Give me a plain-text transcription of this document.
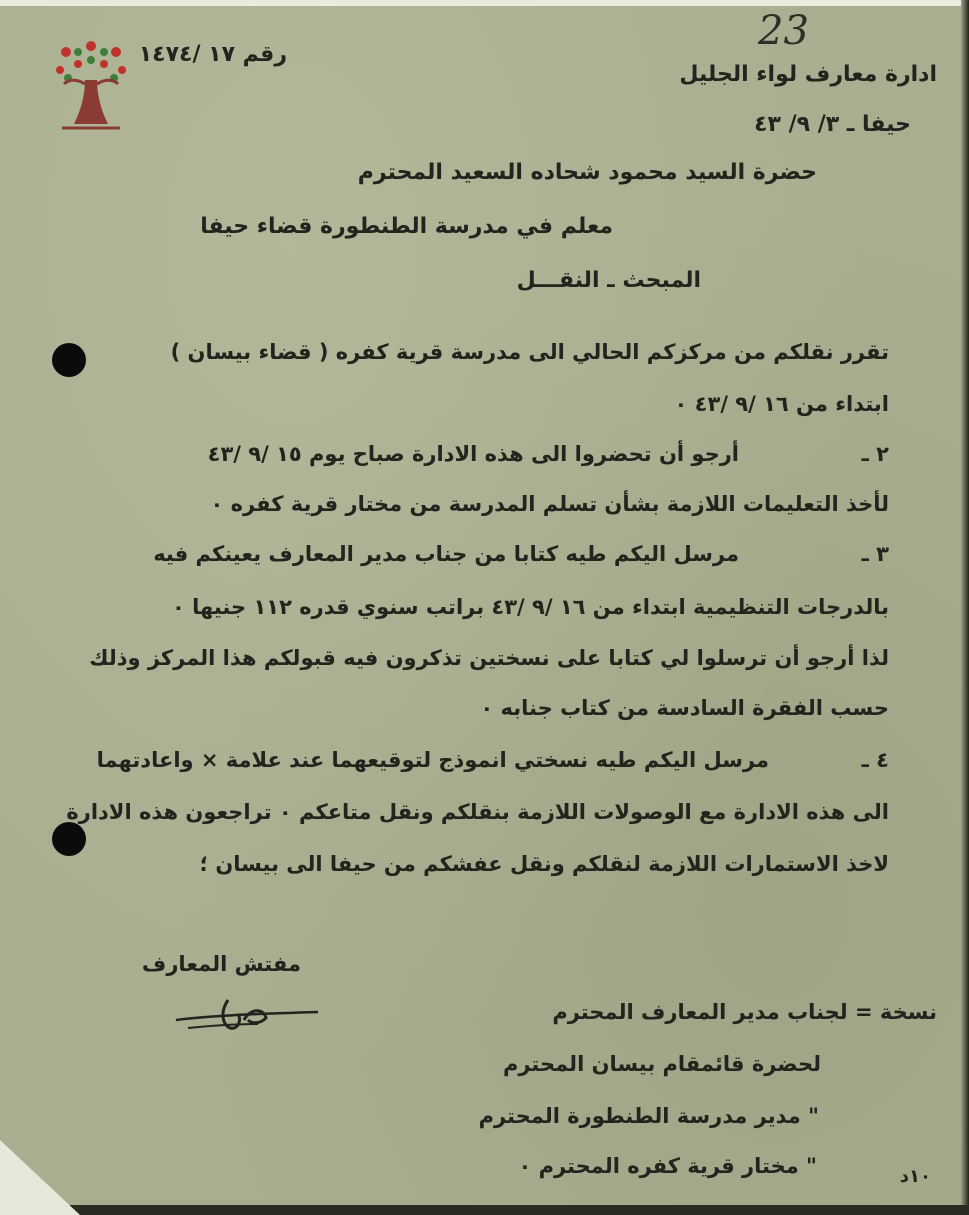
رقم ١٧ /١٤٧٤
23
ادارة معارف لواء الجليل
حيفا ـ ٣/ ٩/ ٤٣
حضرة السيد محمود شحاده السعيد المحترم
معلم في مدرسة الطنطورة قضاء حيفا
المبحث ـ النقـــل
تقرر نقلكم من مركزكم الحالي الى مدرسة قرية كفره ( قضاء بيسان )
ابتداء من ١٦ /٩ /٤٣ ٠
٢ ـ
أرجو أن تحضروا الى هذه الادارة صباح يوم ١٥ /٩ /٤٣
لأخذ التعليمات اللازمة بشأن تسلم المدرسة من مختار قرية كفره ٠
٣ ـ
مرسل اليكم طيه كتابا من جناب مدير المعارف يعينكم فيه
بالدرجات التنظيمية ابتداء من ١٦ /٩ /٤٣ براتب سنوي قدره ١١٢ جنيها ٠
لذا أرجو أن ترسلوا لي كتابا على نسختين تذكرون فيه قبولكم هذا المركز وذلك
حسب الفقرة السادسة من كتاب جنابه ٠
٤ ـ
مرسل اليكم طيه نسختي انموذج لتوقيعهما عند علامة × واعادتهما
الى هذه الادارة مع الوصولات اللازمة بنقلكم ونقل متاعكم ٠ تراجعون هذه الادارة
لاخذ الاستمارات اللازمة لنقلكم ونقل عفشكم من حيفا الى بيسان ؛
مفتش المعارف
نسخة = لجناب مدير المعارف المحترم
لحضرة قائمقام بيسان المحترم
" مدير مدرسة الطنطورة المحترم
" مختار قرية كفره المحترم ٠	١٠د
